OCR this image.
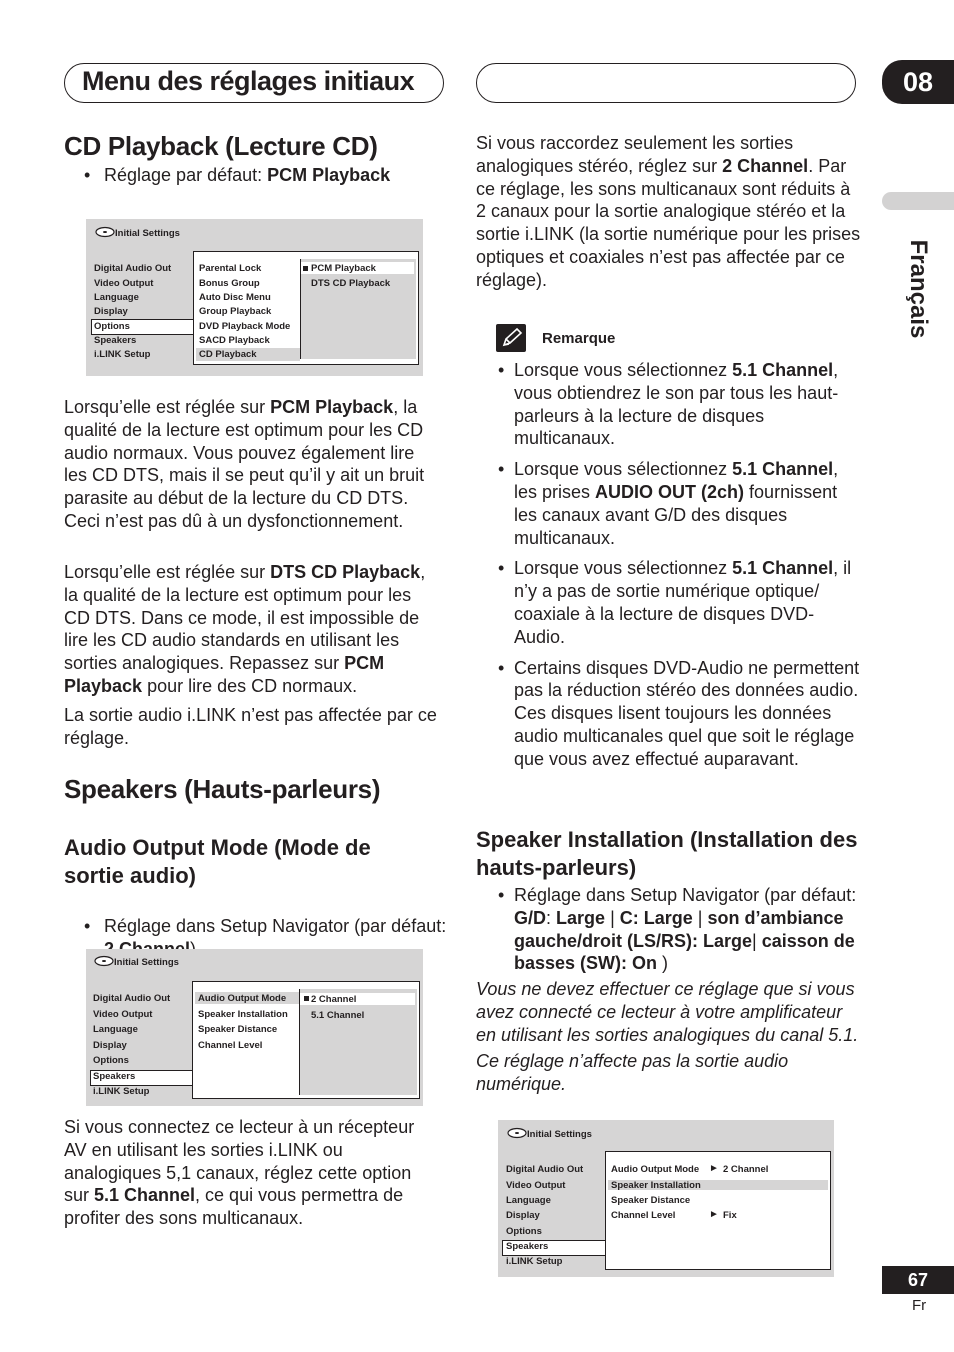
Menu des réglages initiaux	08
Français
CD Playback (Lecture CD)
• Réglage par défaut: PCM Playback
Initial Settings
Digital Audio Out
Video Output
Language
Display
Options
Speakers
i.LINK Setup
Parental Lock
Bonus Group
Auto Disc Menu
Group Playback
DVD Playback Mode
SACD Playback
CD Playback
PCM Playback
DTS CD Playback
Lorsqu’elle est réglée sur PCM Playback, la qualité de la lecture est optimum pour les CD audio normaux. Vous pouvez également lire les CD DTS, mais il se peut qu’il y ait un bruit parasite au début de la lecture du CD DTS. Ceci n’est pas dû à un dysfonctionnement.
Lorsqu’elle est réglée sur DTS CD Playback, la qualité de la lecture est optimum pour les CD DTS. Dans ce mode, il est impossible de lire les CD audio standards en utilisant les sorties analogiques. Repassez sur PCM Playback pour lire des CD normaux.
La sortie audio i.LINK n’est pas affectée par ce réglage.
Speakers (Hauts-parleurs)
Audio Output Mode (Mode de sortie audio)
• Réglage dans Setup Navigator (par défaut:
Initial Settings
Digital Audio Out
Video Output
Language
Display
Options
Speakers
i.LINK Setup
Audio Output Mode
Speaker Installation
Speaker Distance
Channel Level
2 Channel
5.1 Channel
Si vous connectez ce lecteur à un récepteur AV en utilisant les sorties i.LINK ou analogiques 5,1 canaux, réglez cette option sur 5.1 Channel, ce qui vous permettra de profiter des sons multicanaux.
Si vous raccordez seulement les sorties analogiques stéréo, réglez sur 2 Channel. Par ce réglage, les sons multicanaux sont réduits à 2 canaux pour la sortie analogique stéréo et la sortie i.LINK (la sortie numérique pour les prises optiques et coaxiales n’est pas affectée par ce réglage).
Remarque
• Lorsque vous sélectionnez 5.1 Channel, vous obtiendrez le son par tous les haut-parleurs à la lecture de disques multicanaux.
• Lorsque vous sélectionnez 5.1 Channel, les prises AUDIO OUT (2ch) fournissent les canaux avant G/D des disques multicanaux.
• Lorsque vous sélectionnez 5.1 Channel, il n’y a pas de sortie numérique optique/ coaxiale à la lecture de disques DVD-Audio.
• Certains disques DVD-Audio ne permettent pas la réduction stéréo des données audio. Ces disques lisent toujours les données audio multicanales quel que soit le réglage que vous avez effectué auparavant.
Speaker Installation (Installation des hauts-parleurs)
• Réglage dans Setup Navigator (par défaut: G/D: Large | C: Large | son d’ambiance gauche/droit (LS/RS): Large| caisson de basses (SW): On )
Vous ne devez effectuer ce réglage que si vous avez connecté ce lecteur à votre amplificateur en utilisant les sorties analogiques du canal 5.1.
Ce réglage n’affecte pas la sortie audio numérique.
Initial Settings
Digital Audio Out
Video Output
Language
Display
Options
Speakers
i.LINK Setup
Audio Output Mode
Speaker Installation
Speaker Distance
Channel Level
► 2 Channel
► Fix
67
Fr
